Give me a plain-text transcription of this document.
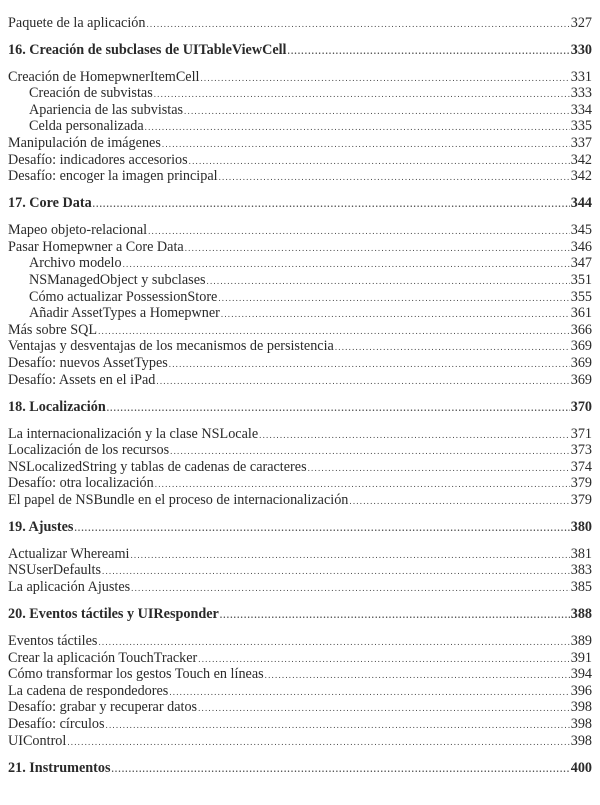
Paquete de la aplicación .....	327
16. Creación de subclases de UITableViewCell .....	330
Creación de HomepwnerItemCell .....	331
Creación de subvistas .....	333
Apariencia de las subvistas .....	334
Celda personalizada .....	335
Manipulación de imágenes .....	337
Desafío: indicadores accesorios .....	342
Desafío: encoger la imagen principal .....	342
17. Core Data .....	344
Mapeo objeto-relacional .....	345
Pasar Homepwner a Core Data .....	346
Archivo modelo .....	347
NSManagedObject y subclases .....	351
Cómo actualizar PossessionStore .....	355
Añadir AssetTypes a Homepwner .....	361
Más sobre SQL .....	366
Ventajas y desventajas de los mecanismos de persistencia .....	369
Desafío: nuevos AssetTypes .....	369
Desafío: Assets en el iPad .....	369
18. Localización .....	370
La internacionalización y la clase NSLocale .....	371
Localización de los recursos .....	373
NSLocalizedString y tablas de cadenas de caracteres .....	374
Desafío: otra localización .....	379
El papel de NSBundle en el proceso de internacionalización .....	379
19. Ajustes .....	380
Actualizar Whereami .....	381
NSUserDefaults .....	383
La aplicación Ajustes .....	385
20. Eventos táctiles y UIResponder .....	388
Eventos táctiles .....	389
Crear la aplicación TouchTracker .....	391
Cómo transformar los gestos Touch en líneas .....	394
La cadena de respondedores .....	396
Desafío: grabar y recuperar datos .....	398
Desafío: círculos .....	398
UIControl .....	398
21. Instrumentos .....	400
